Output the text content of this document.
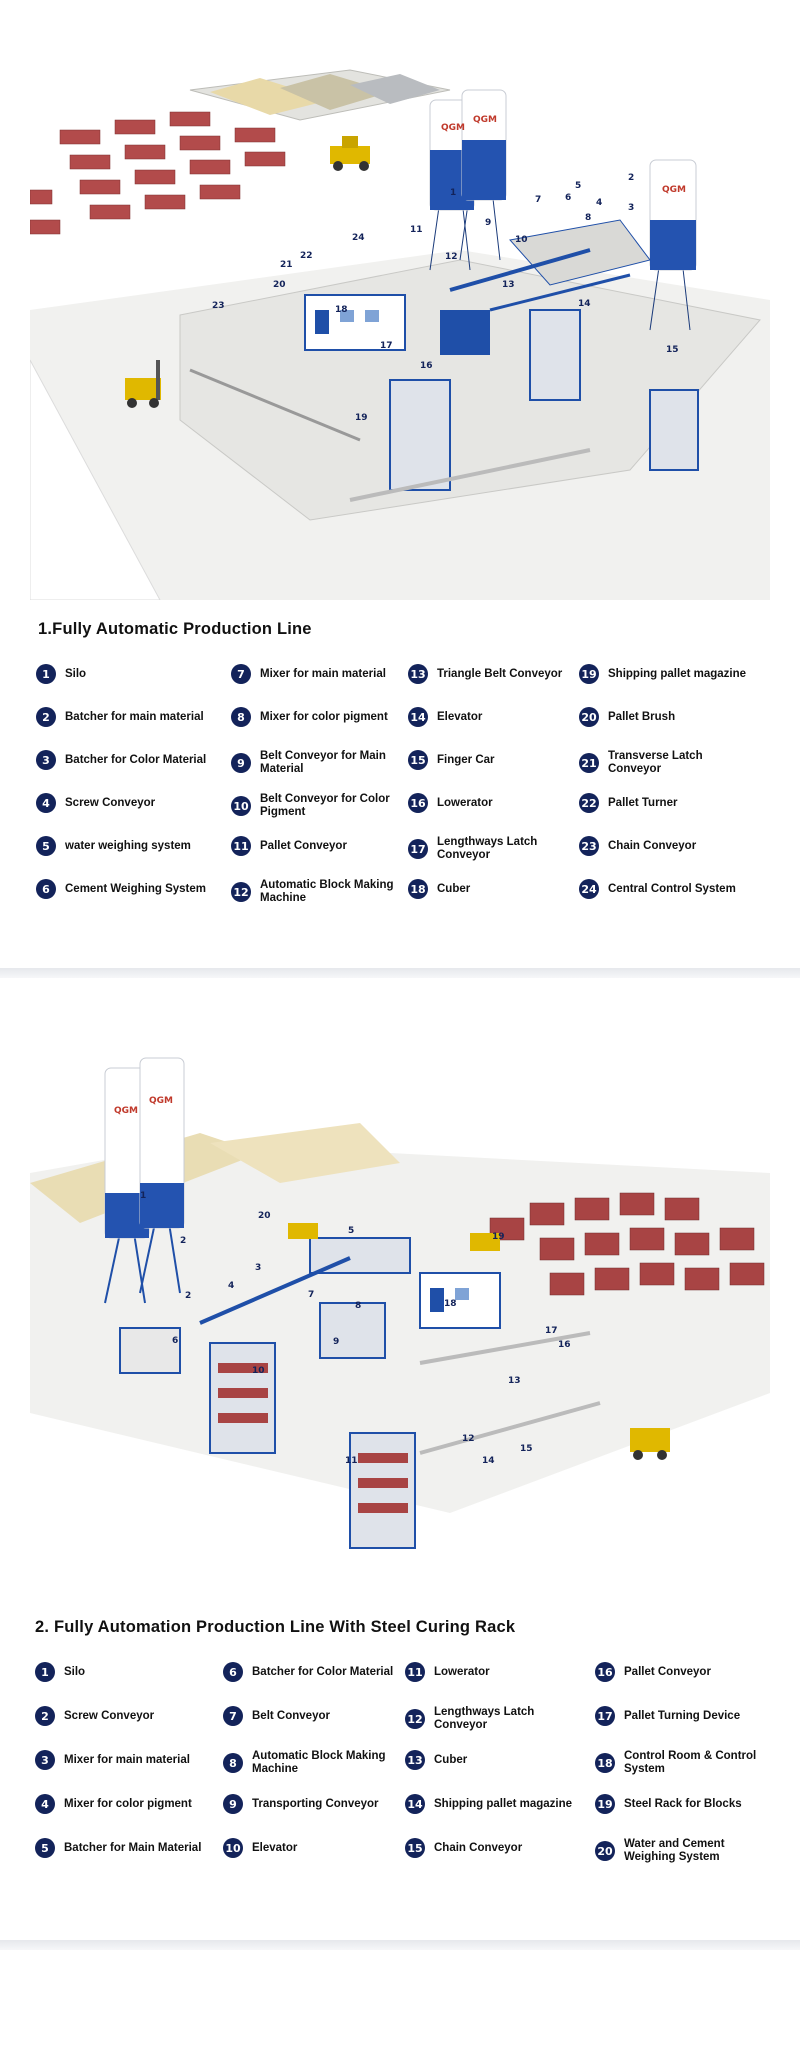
QGM
QGM
QGM
1
2
3
4
5
6
7
8
9
10
11
12
13
14
15
16
17
18
19
20
21
22
23
24
1.Fully Automatic Production Line
1	Silo
2	Batcher for main material
3	Batcher for Color Material
4	Screw Conveyor
5	water weighing system
6	Cement Weighing System
7	Mixer for main material
8	Mixer for color pigment
9
Belt Conveyor for Main Material
10
Belt Conveyor for Color Pigment
11 Pallet Conveyor
12
Automatic Block Making Machine
13 Triangle Belt Conveyor
14 Elevator
15 Finger Car
16 Lowerator
17
Lengthways Latch Conveyor
18 Cuber
19 Shipping pallet magazine
20 Pallet Brush
21
Transverse Latch Conveyor
22 Pallet Turner
23 Chain Conveyor
24 Central Control System
QGM
QGM
1
2
2
3
4
5
6
7
8
9
10
11
12
13
14
15
16
17
18
19
20
2. Fully Automation Production Line With Steel Curing Rack
1	Silo
2	Screw Conveyor
3	Mixer for main material
4	Mixer for color pigment
5	Batcher for Main Material
6	Batcher for Color Material
7	Belt Conveyor
8
Automatic Block Making Machine
9	Transporting Conveyor
10 Elevator
11 Lowerator
12
Lengthways Latch Conveyor
13 Cuber
14 Shipping pallet magazine
15 Chain Conveyor
16 Pallet Conveyor
17 Pallet Turning Device
18
Control Room & Control System
19 Steel Rack for Blocks
20
Water and Cement Weighing System
